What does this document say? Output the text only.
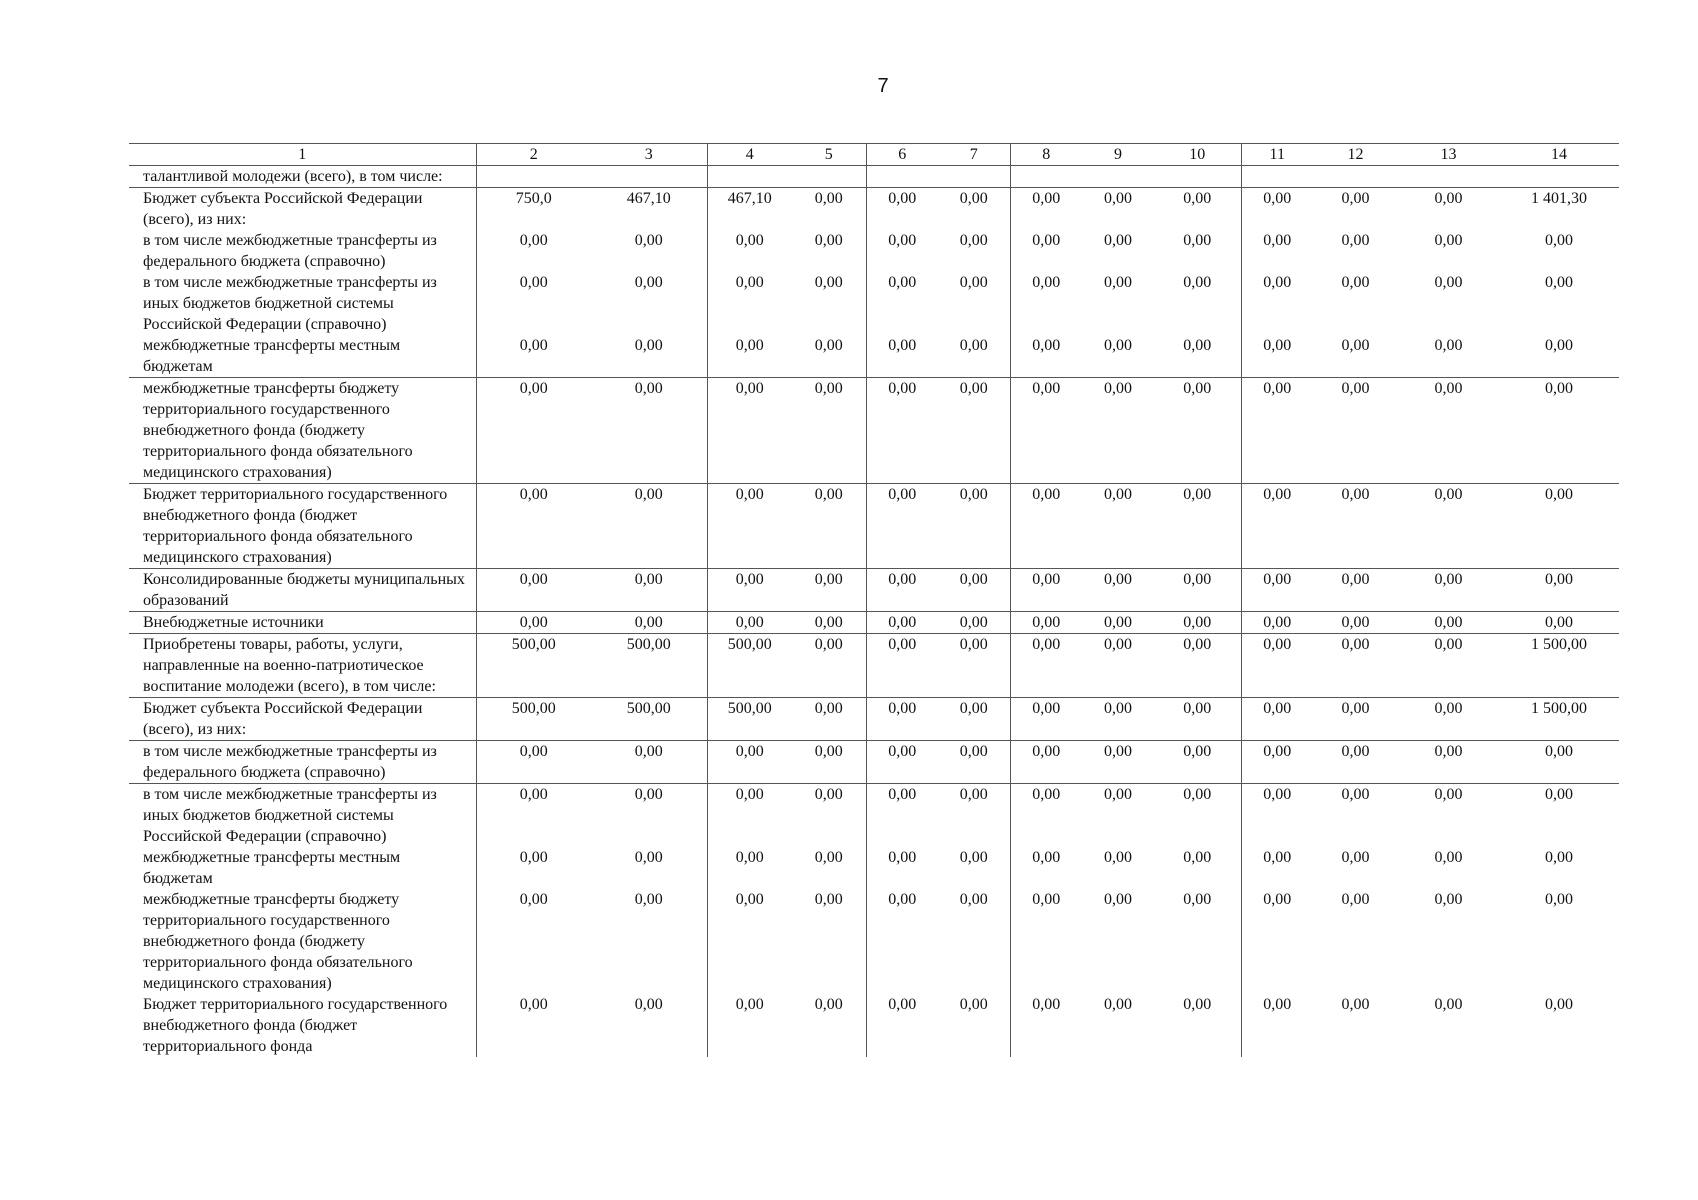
7
1	2	3	4	5	6	7	8	9	10	11	12	13	14
талантливой молодежи (всего), в том числе:													
Бюджет субъекта Российской Федерации (всего), из них:	750,0	467,10	467,10	0,00	0,00	0,00	0,00	0,00	0,00	0,00	0,00	0,00	1 401,30
в том числе межбюджетные трансферты из федерального бюджета (справочно)	0,00	0,00	0,00	0,00	0,00	0,00	0,00	0,00	0,00	0,00	0,00	0,00	0,00
в том числе межбюджетные трансферты из иных бюджетов бюджетной системы Российской Федерации (справочно)	0,00	0,00	0,00	0,00	0,00	0,00	0,00	0,00	0,00	0,00	0,00	0,00	0,00
межбюджетные трансферты местным бюджетам	0,00	0,00	0,00	0,00	0,00	0,00	0,00	0,00	0,00	0,00	0,00	0,00	0,00
межбюджетные трансферты бюджету территориального государственного внебюджетного фонда (бюджету территориального фонда обязательного медицинского страхования)	0,00	0,00	0,00	0,00	0,00	0,00	0,00	0,00	0,00	0,00	0,00	0,00	0,00
Бюджет территориального государственного внебюджетного фонда (бюджет территориального фонда обязательного медицинского страхования)	0,00	0,00	0,00	0,00	0,00	0,00	0,00	0,00	0,00	0,00	0,00	0,00	0,00
Консолидированные бюджеты муниципальных образований	0,00	0,00	0,00	0,00	0,00	0,00	0,00	0,00	0,00	0,00	0,00	0,00	0,00
Внебюджетные источники	0,00	0,00	0,00	0,00	0,00	0,00	0,00	0,00	0,00	0,00	0,00	0,00	0,00
Приобретены товары, работы, услуги, направленные на военно-патриотическое воспитание молодежи (всего), в том числе:	500,00	500,00	500,00	0,00	0,00	0,00	0,00	0,00	0,00	0,00	0,00	0,00	1 500,00
Бюджет субъекта Российской Федерации (всего), из них:	500,00	500,00	500,00	0,00	0,00	0,00	0,00	0,00	0,00	0,00	0,00	0,00	1 500,00
в том числе межбюджетные трансферты из федерального бюджета (справочно)	0,00	0,00	0,00	0,00	0,00	0,00	0,00	0,00	0,00	0,00	0,00	0,00	0,00
в том числе межбюджетные трансферты из иных бюджетов бюджетной системы Российской Федерации (справочно)	0,00	0,00	0,00	0,00	0,00	0,00	0,00	0,00	0,00	0,00	0,00	0,00	0,00
межбюджетные трансферты местным бюджетам	0,00	0,00	0,00	0,00	0,00	0,00	0,00	0,00	0,00	0,00	0,00	0,00	0,00
межбюджетные трансферты бюджету территориального государственного внебюджетного фонда (бюджету территориального фонда обязательного медицинского страхования)	0,00	0,00	0,00	0,00	0,00	0,00	0,00	0,00	0,00	0,00	0,00	0,00	0,00
Бюджет территориального государственного внебюджетного фонда (бюджет территориального фонда	0,00	0,00	0,00	0,00	0,00	0,00	0,00	0,00	0,00	0,00	0,00	0,00	0,00
